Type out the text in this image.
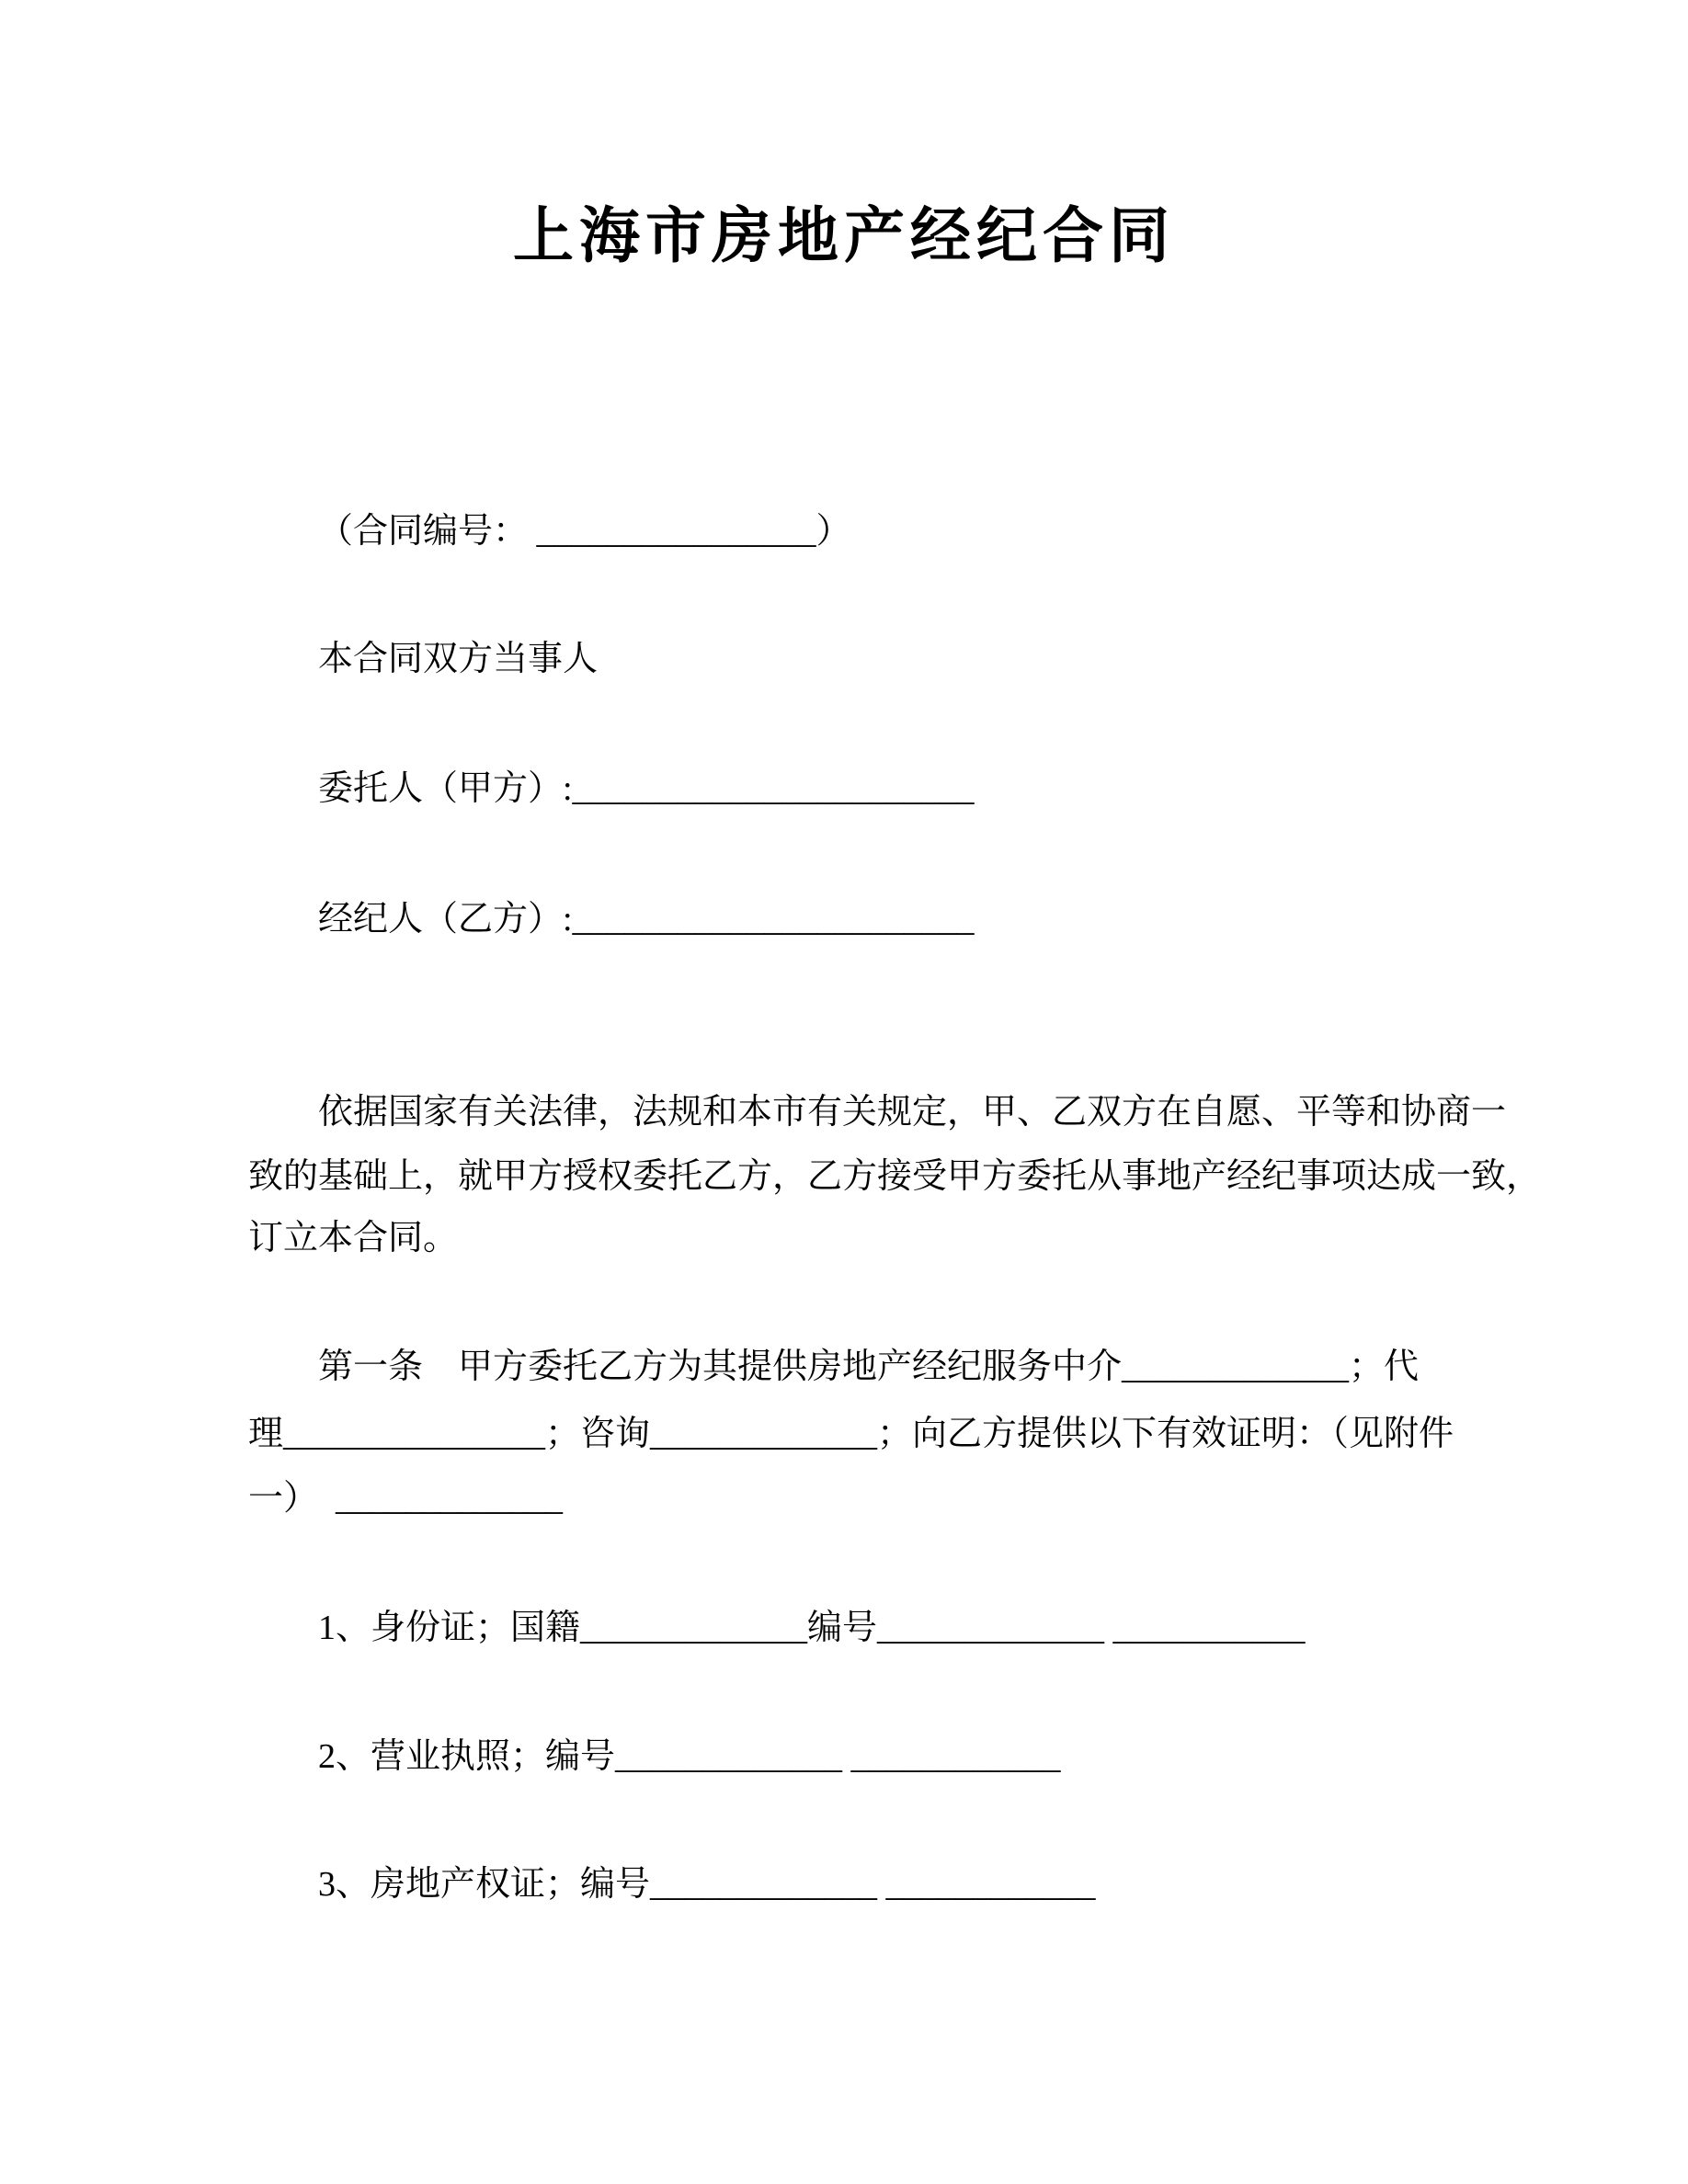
上海市房地产经纪合同
（合同编号： ________________）
本合同双方当事人
委托人（甲方）:_______________________
经纪人（乙方）:_______________________
依据国家有关法律，法规和本市有关规定，甲、乙双方在自愿、平等和协商一
致的基础上，就甲方授权委托乙方，乙方接受甲方委托从事地产经纪事项达成一致，
订立本合同。
第一条　甲方委托乙方为其提供房地产经纪服务中介_____________；代
理_______________；咨询_____________；向乙方提供以下有效证明：（见附件
一）　_____________
1、身份证；国籍_____________编号_____________ ___________
2、营业执照；编号_____________ ____________
3、房地产权证；编号_____________ ____________
